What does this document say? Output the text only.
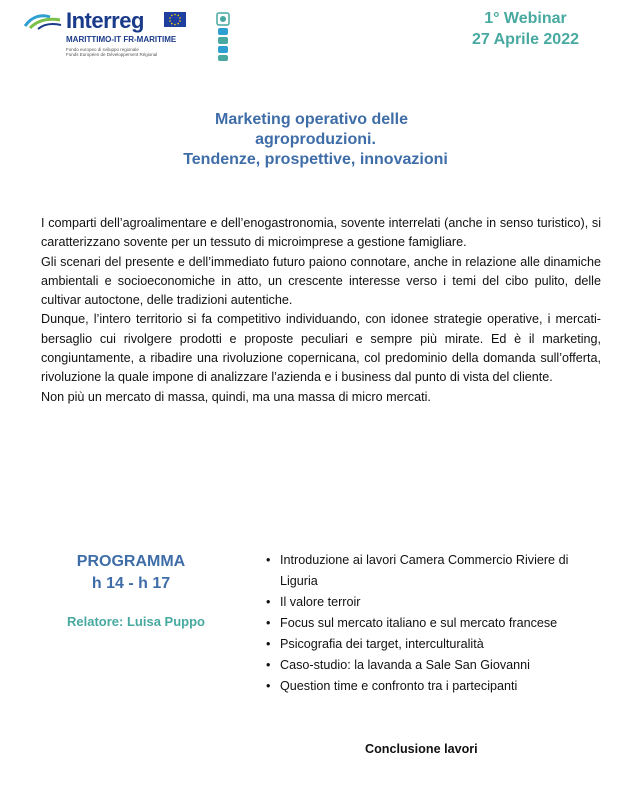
Interreg
MARITTIMO-IT FR-MARITIME
Fondo europeo di sviluppo regionale
Fonds Européen de Développement Régional
1° Webinar
27 Aprile 2022
Marketing operativo delle
agroproduzioni.
Tendenze, prospettive, innovazioni

I comparti dell’agroalimentare e dell’enogastronomia, sovente interrelati (anche in senso turistico), si caratterizzano sovente per un tessuto di microimprese a gestione famigliare.

Gli scenari del presente e dell’immediato futuro paiono connotare, anche in relazione alle dinamiche ambientali e socioeconomiche in atto, un crescente interesse verso i temi del cibo pulito, delle cultivar autoctone, delle tradizioni autentiche.

Dunque, l’intero territorio si fa competitivo individuando, con idonee strategie operative, i mercati-bersaglio cui rivolgere prodotti e proposte peculiari e sempre più mirate. Ed è il marketing, congiuntamente, a ribadire una rivoluzione copernicana, col predominio della domanda sull’offerta, rivoluzione la quale impone di analizzare l’azienda e i business dal punto di vista del cliente.

Non più un mercato di massa, quindi, ma una massa di micro mercati.

PROGRAMMA
h 14 - h 17
Relatore: Luisa Puppo
• Introduzione ai lavori Camera Commercio Riviere di Liguria
• Il valore terroir
• Focus sul mercato italiano e sul mercato francese
• Psicografia dei target, interculturalità
• Caso-studio: la lavanda a Sale San Giovanni
• Question time e confronto tra i partecipanti
Conclusione lavori
